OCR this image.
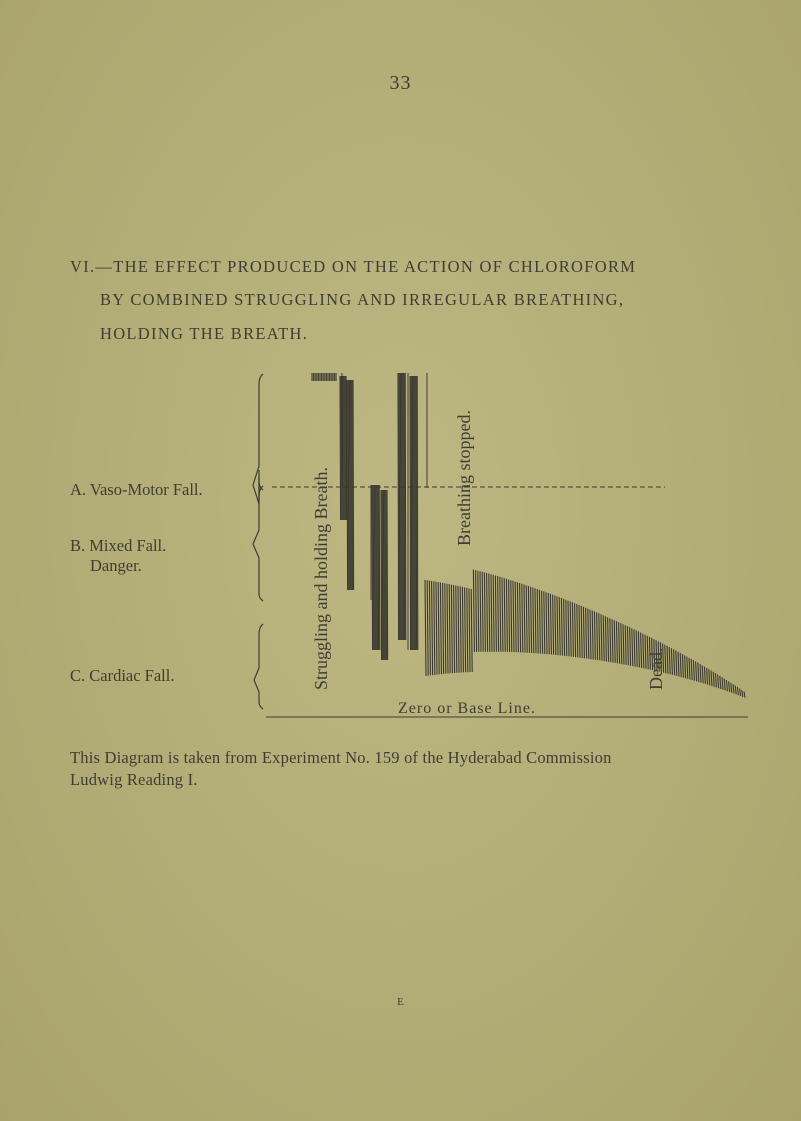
33
VI.—THE EFFECT PRODUCED ON THE ACTION OF CHLOROFORM
BY COMBINED STRUGGLING AND IRREGULAR BREATHING,
HOLDING THE BREATH.
A. Vaso-Motor Fall.
B. Mixed Fall.
Danger.
C. Cardiac Fall.	Struggling and holding Breath.	Breathing stopped.
Dead.
Zero or Base Line.
This Diagram is taken from Experiment No. 159 of the Hyderabad Commission
Ludwig Reading I.
E
